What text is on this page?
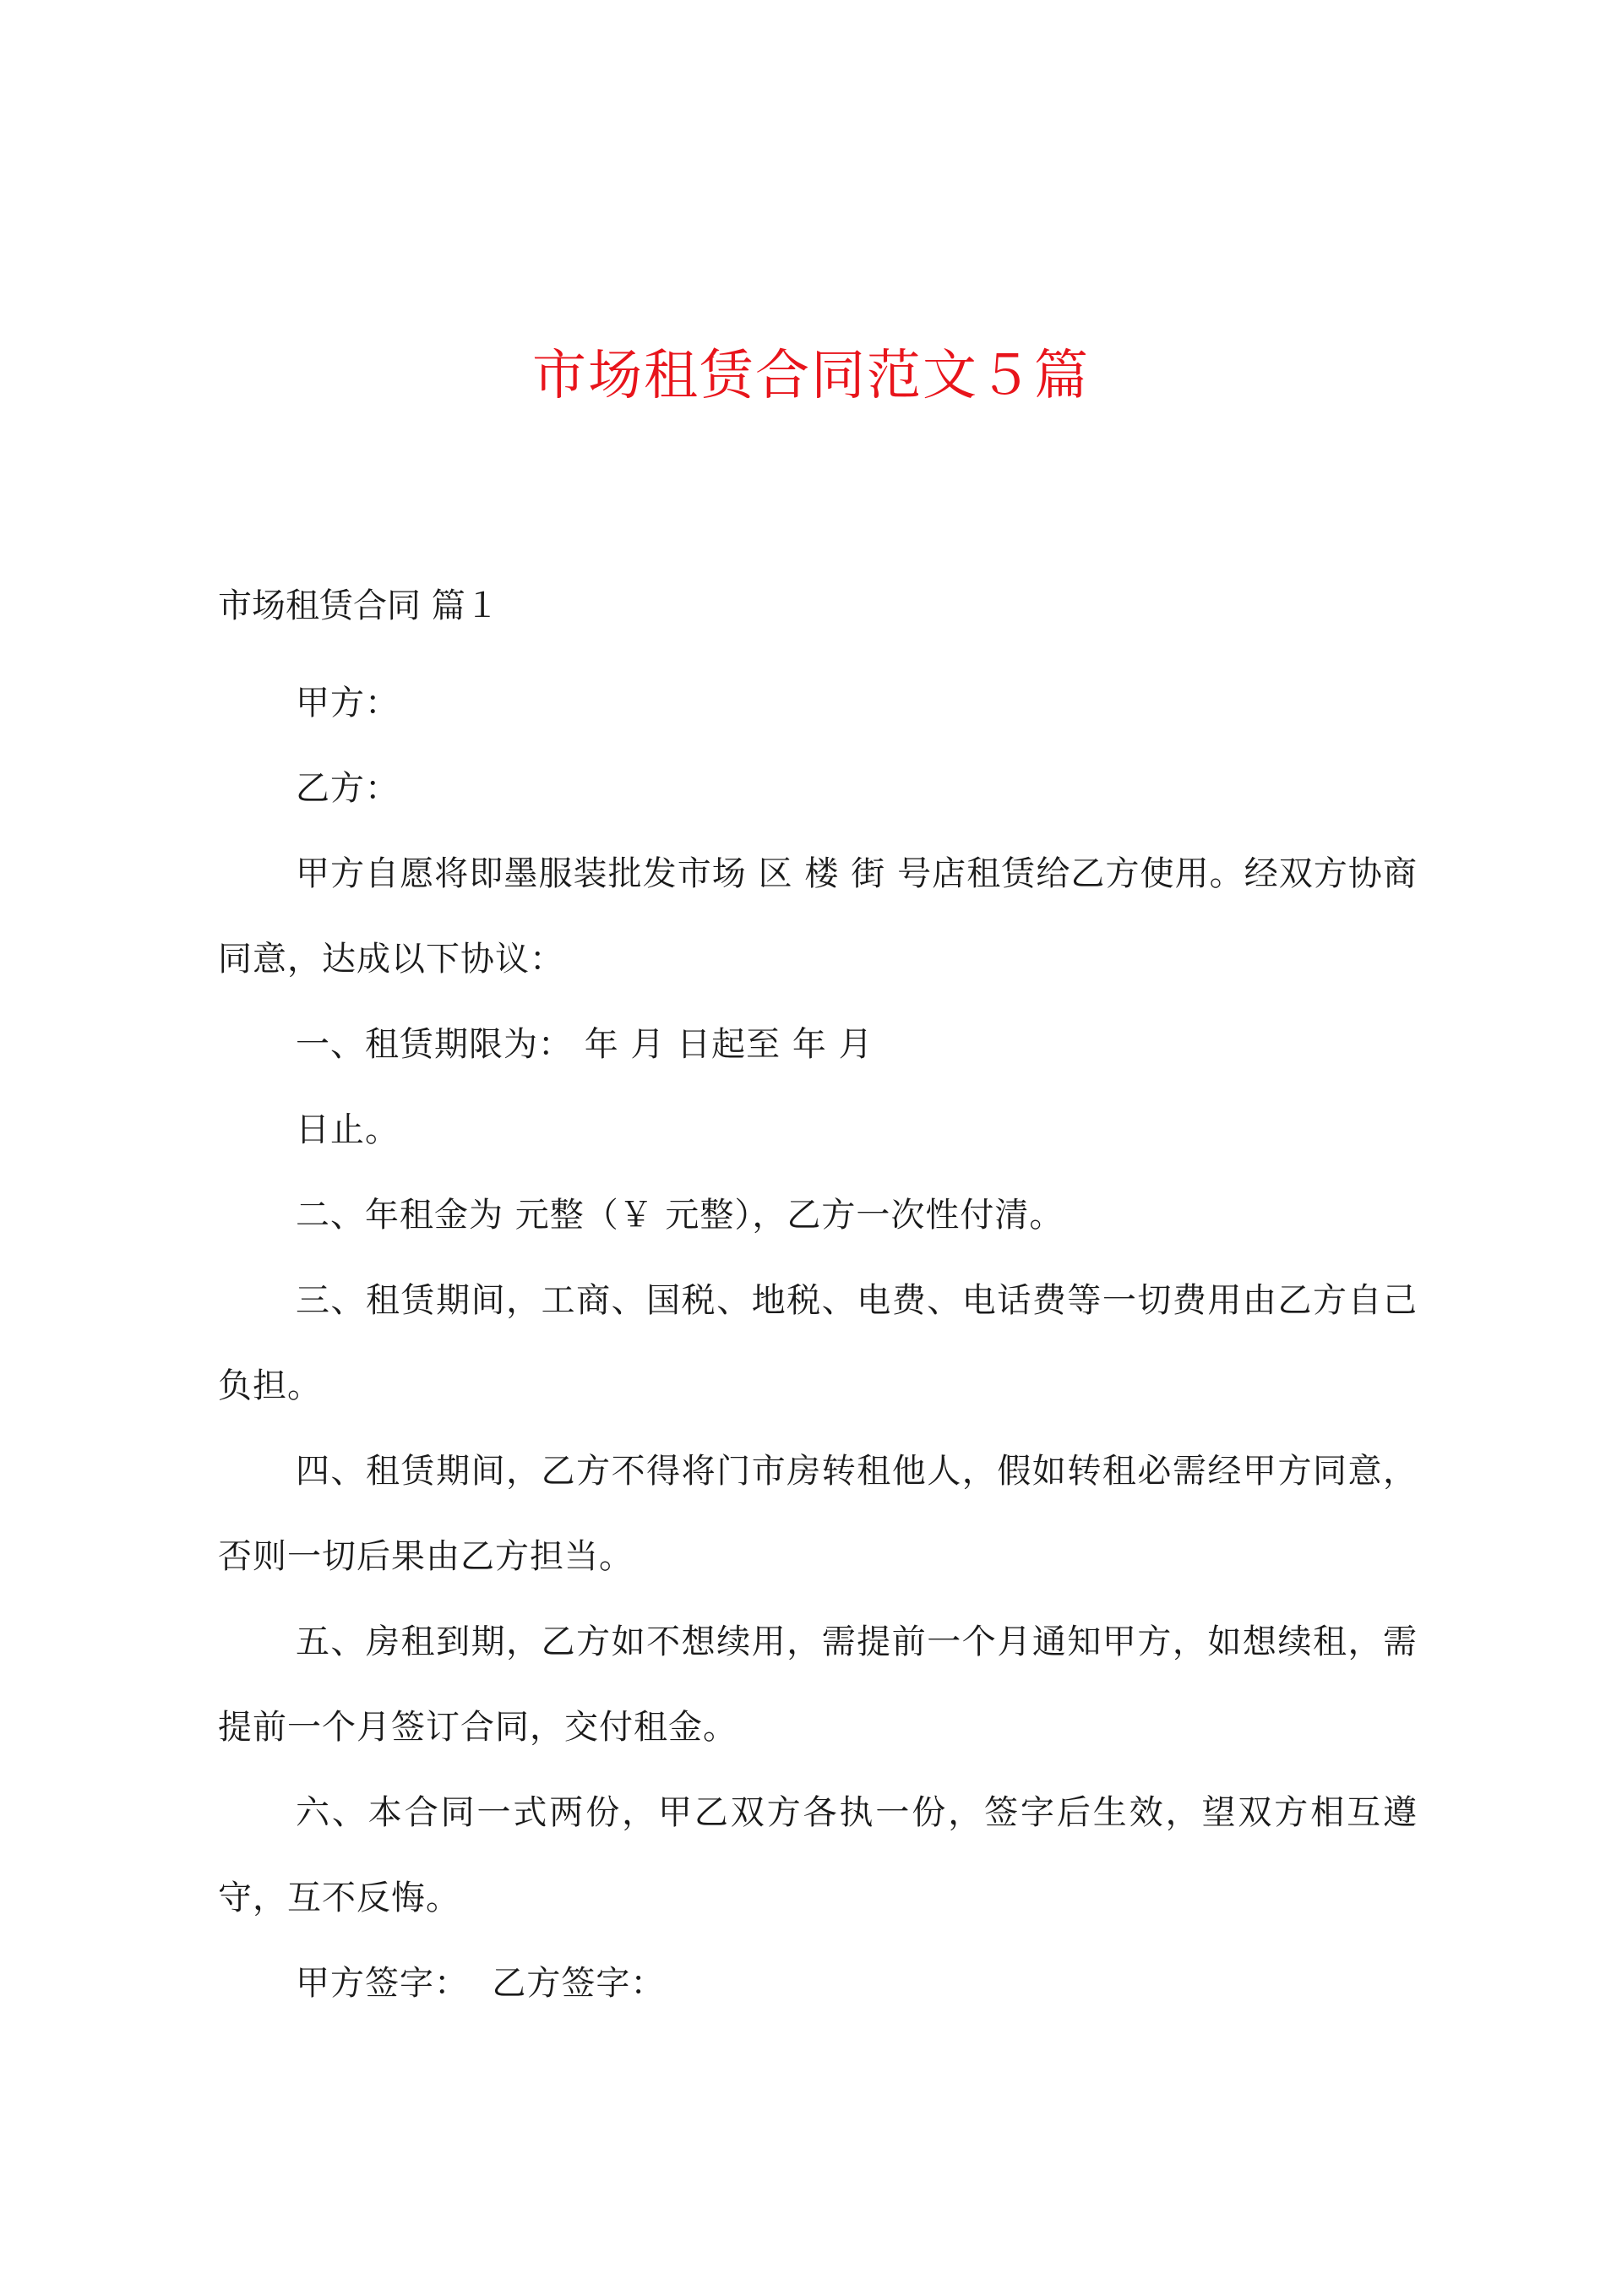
市场租赁合同范文５篇

市场租赁合同 篇１

甲方：

乙方：

甲方自愿将即墨服装批发市场 区 楼 街 号店租赁给乙方使用。经双方协商同意，达成以下协议：

一、租赁期限为： 年 月 日起至 年 月

日止。

二、年租金为 元整（￥ 元整），乙方一次性付清。

三、租赁期间，工商、国税、地税、电费、电话费等一切费用由乙方自己负担。

四、租赁期间，乙方不得将门市房转租他人，假如转租必需经甲方同意，否则一切后果由乙方担当。

五、房租到期，乙方如不想续用，需提前一个月通知甲方，如想续租，需提前一个月签订合同，交付租金。

六、本合同一式两份，甲乙双方各执一份，签字后生效，望双方相互遵守，互不反悔。

甲方签字：  乙方签字：
